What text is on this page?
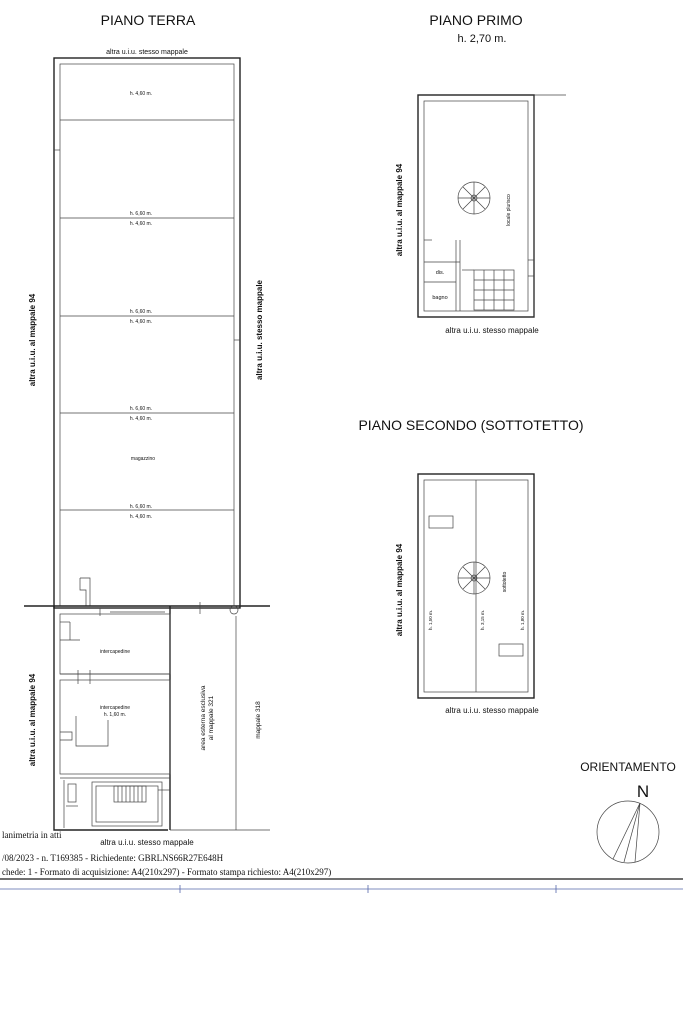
PIANO TERRA
altra u.i.u. stesso mappale
altra u.i.u. al mappale 94
altra u.i.u. al mappale 94
altra u.i.u. stesso mappale
altra u.i.u. stesso mappale
h. 4,60 m.
h. 6,60 m.
h. 4,60 m.
h. 6,60 m.
h. 4,60 m.
h. 6,60 m.
h. 4,60 m.
h. 6,60 m.
h. 4,60 m.
magazzino
intercapedine
intercapedine
h. 1,60 m.	area esterna esclusiva al mappale 321	mappale 318
PIANO PRIMO
h. 2,70 m.
altra u.i.u. al mappale 94
altra u.i.u. stesso mappale
locale plurisco
dis.
bagno
PIANO SECONDO (SOTTOTETTO)
altra u.i.u. al mappale 94
altra u.i.u. stesso mappale
sottotetto
h. 1,50 m.	h. 3,15 m.	h. 1,80 m.
ORIENTAMENTO
N
lanimetria in atti
/08/2023 - n. T169385 - Richiedente: GBRLNS66R27E648H
chede: 1 - Formato di acquisizione: A4(210x297) - Formato stampa richiesto: A4(210x297)
